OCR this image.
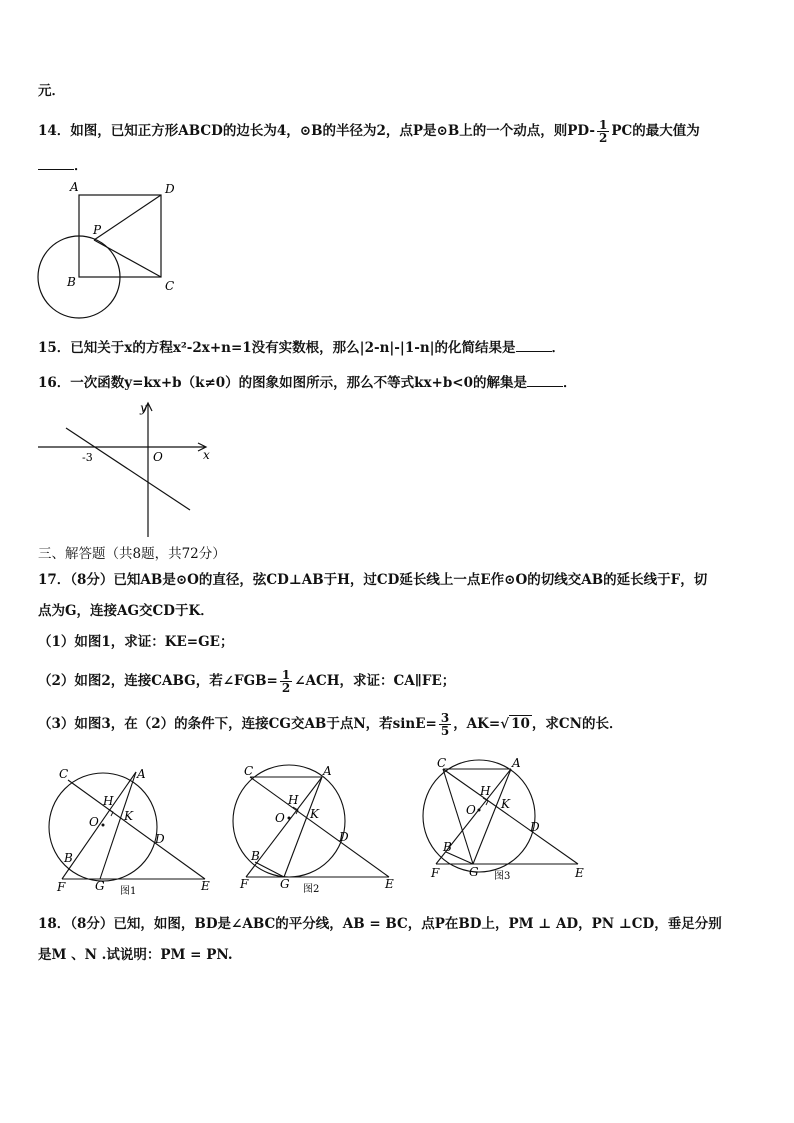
元．
14．如图，已知正方形ABCD的边长为4，⊙B的半径为2，点P是⊙B上的一个动点，则$PD- \frac{1}{2}$ PC的最大值为
．
A	D
P
B	C
15．已知关于x的方程x²-2x+n=1没有实数根，那么|2-n|-|1-n|的化简结果是	．
16．一次函数y=kx+b（k≠0）的图象如图所示，那么不等式kx+b<0的解集是	．
y
x
O
-3
三、解答题（共8题，共72分）
17．（8分）已知AB是⊙O的直径，弦CD⊥AB于H，过CD延长线上一点E作⊙O的切线交AB的延长线于F，切
点为G，连接AG交CD于K．
（1）如图1，求证：KE=GE；
（2）如图2，连接CABG，若∠FGB= $\frac{1}{2}$ ∠ACH，求证：CA∥FE；
（3）如图3，在（2）的条件下，连接CG交AB于点N，若$\sin E= \frac{3}{5}$ ，AK=√ 10 ，求CN的长．
C	A
H
O K
D
B
F G	E
图1
C	A
H
O K
D
B
F	G	E
图2
C	A
H
O K
D
B
F G	E
图3
18．（8分）已知，如图，BD是∠ABC的平分线，AB = BC，点P在BD上，PM ⊥ AD，PN ⊥CD，垂足分别
是M 、N .试说明：PM = PN.
